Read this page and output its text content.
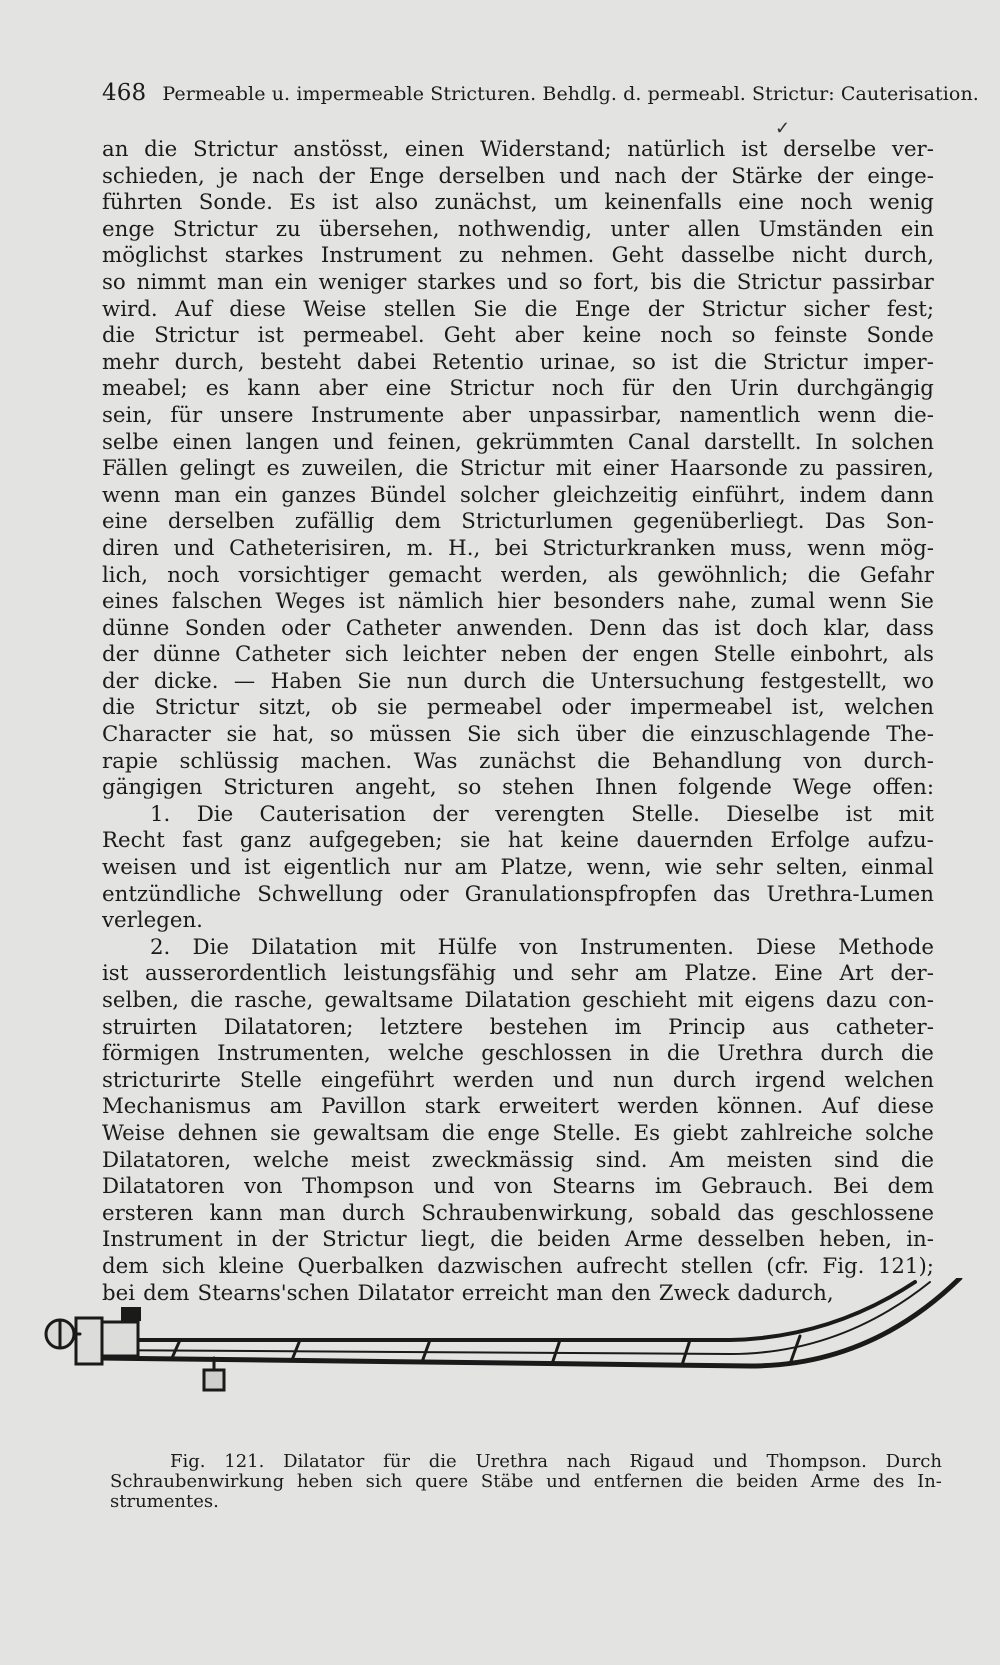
468 Permeable u. impermeable Stricturen. Behdlg. d. permeabl. Strictur: Cauterisation.
✓
an die Strictur anstösst, einen Widerstand; natürlich ist derselbe ver-
schieden, je nach der Enge derselben und nach der Stärke der einge-
führten Sonde. Es ist also zunächst, um keinenfalls eine noch wenig
enge Strictur zu übersehen, nothwendig, unter allen Umständen ein
möglichst starkes Instrument zu nehmen. Geht dasselbe nicht durch,
so nimmt man ein weniger starkes und so fort, bis die Strictur passirbar
wird. Auf diese Weise stellen Sie die Enge der Strictur sicher fest;
die Strictur ist permeabel. Geht aber keine noch so feinste Sonde
mehr durch, besteht dabei Retentio urinae, so ist die Strictur imper-
meabel; es kann aber eine Strictur noch für den Urin durchgängig
sein, für unsere Instrumente aber unpassirbar, namentlich wenn die-
selbe einen langen und feinen, gekrümmten Canal darstellt. In solchen
Fällen gelingt es zuweilen, die Strictur mit einer Haarsonde zu passiren,
wenn man ein ganzes Bündel solcher gleichzeitig einführt, indem dann
eine derselben zufällig dem Stricturlumen gegenüberliegt. Das Son-
diren und Catheterisiren, m. H., bei Stricturkranken muss, wenn mög-
lich, noch vorsichtiger gemacht werden, als gewöhnlich; die Gefahr
eines falschen Weges ist nämlich hier besonders nahe, zumal wenn Sie
dünne Sonden oder Catheter anwenden. Denn das ist doch klar, dass
der dünne Catheter sich leichter neben der engen Stelle einbohrt, als
der dicke. — Haben Sie nun durch die Untersuchung festgestellt, wo
die Strictur sitzt, ob sie permeabel oder impermeabel ist, welchen
Character sie hat, so müssen Sie sich über die einzuschlagende The-
rapie schlüssig machen. Was zunächst die Behandlung von durch-
gängigen Stricturen angeht, so stehen Ihnen folgende Wege offen:
1. Die Cauterisation der verengten Stelle. Dieselbe ist mit
Recht fast ganz aufgegeben; sie hat keine dauernden Erfolge aufzu-
weisen und ist eigentlich nur am Platze, wenn, wie sehr selten, einmal
entzündliche Schwellung oder Granulationspfropfen das Urethra-Lumen
verlegen.
2. Die Dilatation mit Hülfe von Instrumenten. Diese Methode
ist ausserordentlich leistungsfähig und sehr am Platze. Eine Art der-
selben, die rasche, gewaltsame Dilatation geschieht mit eigens dazu con-
struirten Dilatatoren; letztere bestehen im Princip aus catheter-
förmigen Instrumenten, welche geschlossen in die Urethra durch die
stricturirte Stelle eingeführt werden und nun durch irgend welchen
Mechanismus am Pavillon stark erweitert werden können. Auf diese
Weise dehnen sie gewaltsam die enge Stelle. Es giebt zahlreiche solche
Dilatatoren, welche meist zweckmässig sind. Am meisten sind die
Dilatatoren von Thompson und von Stearns im Gebrauch. Bei dem
ersteren kann man durch Schraubenwirkung, sobald das geschlossene
Instrument in der Strictur liegt, die beiden Arme desselben heben, in-
dem sich kleine Querbalken dazwischen aufrecht stellen (cfr. Fig. 121);
bei dem Stearns'schen Dilatator erreicht man den Zweck dadurch,
Fig. 121. Dilatator für die Urethra nach Rigaud und Thompson. Durch
Schraubenwirkung heben sich quere Stäbe und entfernen die beiden Arme des In-
strumentes.
